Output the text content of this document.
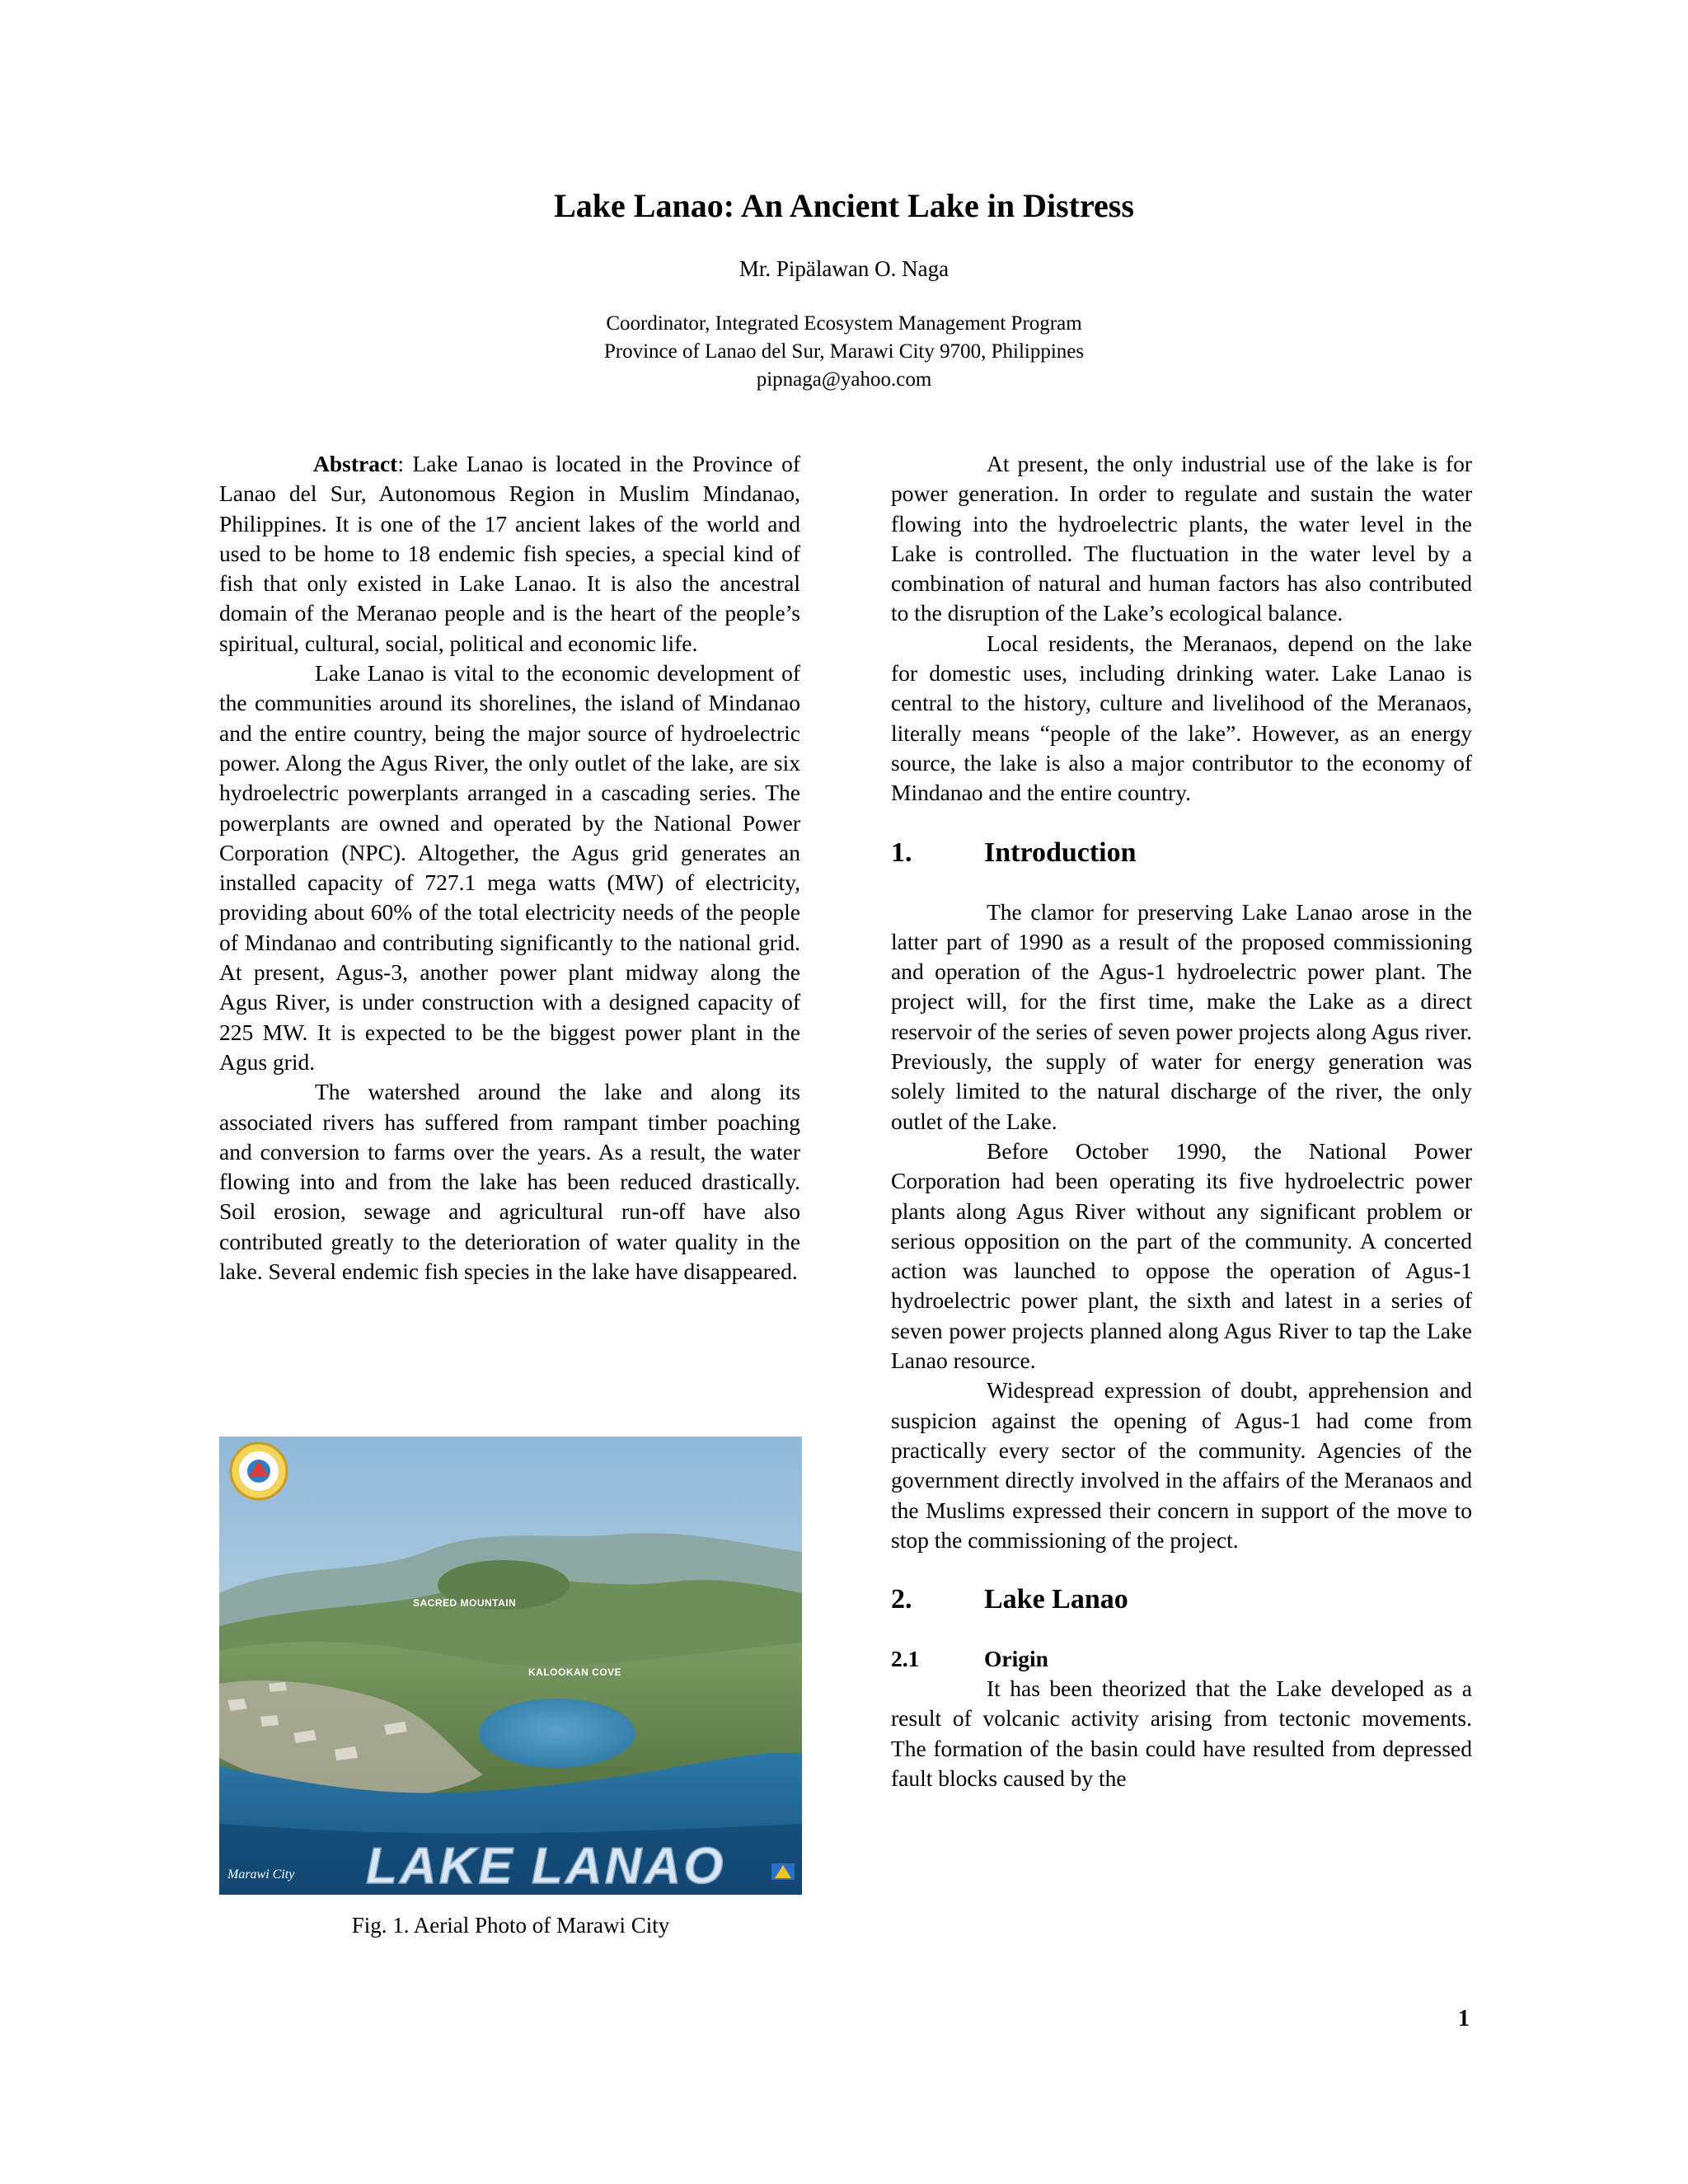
Lake Lanao: An Ancient Lake in Distress
Mr. Pipälawan O. Naga
Coordinator, Integrated Ecosystem Management Program
Province of Lanao del Sur, Marawi City 9700, Philippines
pipnaga@yahoo.com

Abstract: Lake Lanao is located in the Province of Lanao del Sur, Autonomous Region in Muslim Mindanao, Philippines. It is one of the 17 ancient lakes of the world and used to be home to 18 endemic fish species, a special kind of fish that only existed in Lake Lanao. It is also the ancestral domain of the Meranao people and is the heart of the people’s spiritual, cultural, social, political and economic life.

Lake Lanao is vital to the economic development of the communities around its shorelines, the island of Mindanao and the entire country, being the major source of hydroelectric power. Along the Agus River, the only outlet of the lake, are six hydroelectric powerplants arranged in a cascading series. The powerplants are owned and operated by the National Power Corporation (NPC). Altogether, the Agus grid generates an installed capacity of 727.1 mega watts (MW) of electricity, providing about 60% of the total electricity needs of the people of Mindanao and contributing significantly to the national grid. At present, Agus-3, another power plant midway along the Agus River, is under construction with a designed capacity of 225 MW. It is expected to be the biggest power plant in the Agus grid.

The watershed around the lake and along its associated rivers has suffered from rampant timber poaching and conversion to farms over the years. As a result, the water flowing into and from the lake has been reduced drastically. Soil erosion, sewage and agricultural run-off have also contributed greatly to the deterioration of water quality in the lake. Several endemic fish species in the lake have disappeared.

SACRED MOUNTAIN
KALOOKAN COVE
LAKE LANAO
Marawi City
Fig. 1. Aerial Photo of Marawi City

At present, the only industrial use of the lake is for power generation. In order to regulate and sustain the water flowing into the hydroelectric plants, the water level in the Lake is controlled. The fluctuation in the water level by a combination of natural and human factors has also contributed to the disruption of the Lake’s ecological balance.

Local residents, the Meranaos, depend on the lake for domestic uses, including drinking water. Lake Lanao is central to the history, culture and livelihood of the Meranaos, literally means “people of the lake”. However, as an energy source, the lake is also a major contributor to the economy of Mindanao and the entire country.

1.	Introduction

The clamor for preserving Lake Lanao arose in the latter part of 1990 as a result of the proposed commissioning and operation of the Agus-1 hydroelectric power plant. The project will, for the first time, make the Lake as a direct reservoir of the series of seven power projects along Agus river. Previously, the supply of water for energy generation was solely limited to the natural discharge of the river, the only outlet of the Lake.

Before October 1990, the National Power Corporation had been operating its five hydroelectric power plants along Agus River without any significant problem or serious opposition on the part of the community. A concerted action was launched to oppose the operation of Agus-1 hydroelectric power plant, the sixth and latest in a series of seven power projects planned along Agus River to tap the Lake Lanao resource.

Widespread expression of doubt, apprehension and suspicion against the opening of Agus-1 had come from practically every sector of the community. Agencies of the government directly involved in the affairs of the Meranaos and the Muslims expressed their concern in support of the move to stop the commissioning of the project.

2.	Lake Lanao
2.1	Origin

It has been theorized that the Lake developed as a result of volcanic activity arising from tectonic movements. The formation of the basin could have resulted from depressed fault blocks caused by the

1
